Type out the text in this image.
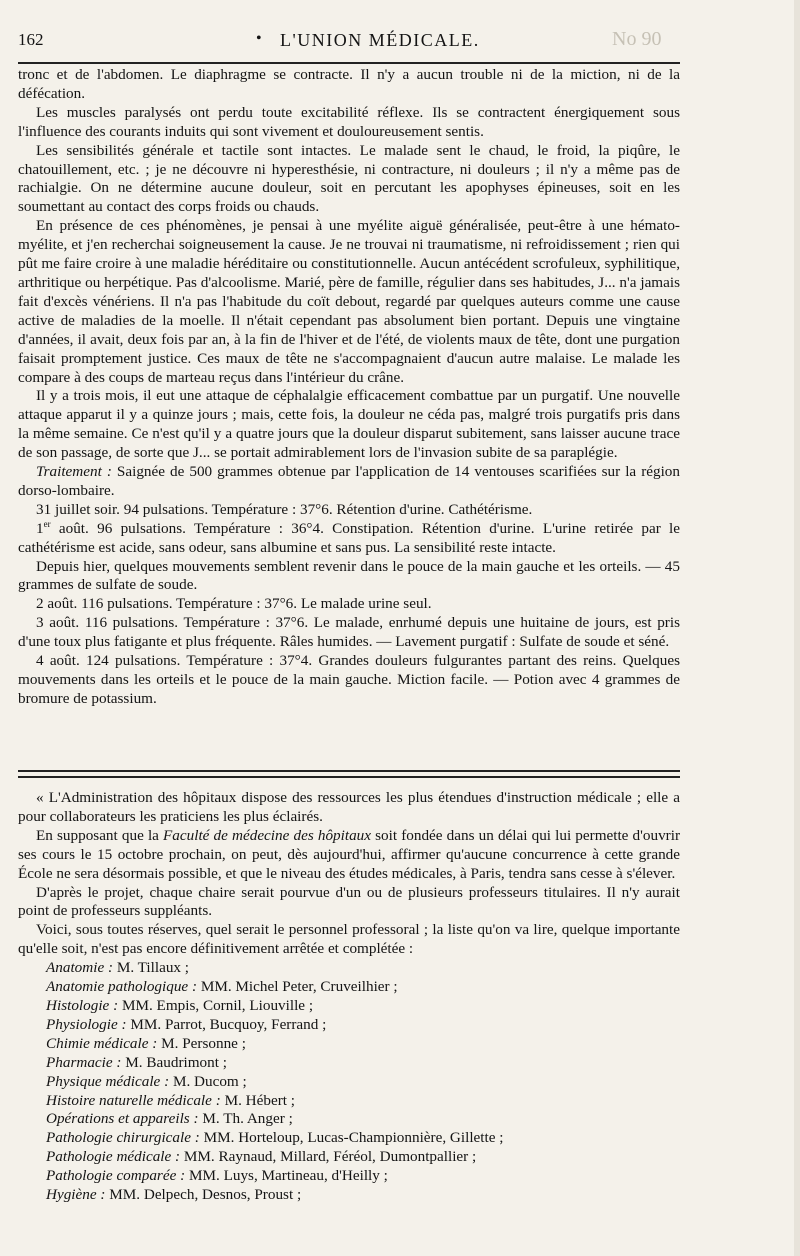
No 90
162	• L'UNION MÉDICALE.

tronc et de l'abdomen. Le diaphragme se contracte. Il n'y a aucun trouble ni de la miction, ni de la défécation.

Les muscles paralysés ont perdu toute excitabilité réflexe. Ils se contractent énergiquement sous l'influence des courants induits qui sont vivement et douloureusement sentis.

Les sensibilités générale et tactile sont intactes. Le malade sent le chaud, le froid, la piqûre, le chatouillement, etc. ; je ne découvre ni hyperesthésie, ni contracture, ni douleurs ; il n'y a même pas de rachialgie. On ne détermine aucune douleur, soit en percutant les apophyses épineuses, soit en les soumettant au contact des corps froids ou chauds.

En présence de ces phénomènes, je pensai à une myélite aiguë généralisée, peut-être à une hémato-myélite, et j'en recherchai soigneusement la cause. Je ne trouvai ni traumatisme, ni refroidissement ; rien qui pût me faire croire à une maladie héréditaire ou constitutionnelle. Aucun antécédent scrofuleux, syphilitique, arthritique ou herpétique. Pas d'alcoolisme. Marié, père de famille, régulier dans ses habitudes, J... n'a jamais fait d'excès vénériens. Il n'a pas l'habitude du coït debout, regardé par quelques auteurs comme une cause active de maladies de la moelle. Il n'était cependant pas absolument bien portant. Depuis une vingtaine d'années, il avait, deux fois par an, à la fin de l'hiver et de l'été, de violents maux de tête, dont une purgation faisait promptement justice. Ces maux de tête ne s'accompagnaient d'aucun autre malaise. Le malade les compare à des coups de marteau reçus dans l'intérieur du crâne.

Il y a trois mois, il eut une attaque de céphalalgie efficacement combattue par un purgatif. Une nouvelle attaque apparut il y a quinze jours ; mais, cette fois, la douleur ne céda pas, malgré trois purgatifs pris dans la même semaine. Ce n'est qu'il y a quatre jours que la douleur disparut subitement, sans laisser aucune trace de son passage, de sorte que J... se portait admirablement lors de l'invasion subite de sa paraplégie.

Traitement : Saignée de 500 grammes obtenue par l'application de 14 ventouses scarifiées sur la région dorso-lombaire.

31 juillet soir. 94 pulsations. Température : 37°6. Rétention d'urine. Cathétérisme.

1er août. 96 pulsations. Température : 36°4. Constipation. Rétention d'urine. L'urine retirée par le cathétérisme est acide, sans odeur, sans albumine et sans pus. La sensibilité reste intacte.

Depuis hier, quelques mouvements semblent revenir dans le pouce de la main gauche et les orteils. — 45 grammes de sulfate de soude.

2 août. 116 pulsations. Température : 37°6. Le malade urine seul.

3 août. 116 pulsations. Température : 37°6. Le malade, enrhumé depuis une huitaine de jours, est pris d'une toux plus fatigante et plus fréquente. Râles humides. — Lavement purgatif : Sulfate de soude et séné.

4 août. 124 pulsations. Température : 37°4. Grandes douleurs fulgurantes partant des reins. Quelques mouvements dans les orteils et le pouce de la main gauche. Miction facile. — Potion avec 4 grammes de bromure de potassium.

« L'Administration des hôpitaux dispose des ressources les plus étendues d'instruction médicale ; elle a pour collaborateurs les praticiens les plus éclairés.

En supposant que la Faculté de médecine des hôpitaux soit fondée dans un délai qui lui permette d'ouvrir ses cours le 15 octobre prochain, on peut, dès aujourd'hui, affirmer qu'aucune concurrence à cette grande École ne sera désormais possible, et que le niveau des études médicales, à Paris, tendra sans cesse à s'élever.

D'après le projet, chaque chaire serait pourvue d'un ou de plusieurs professeurs titulaires. Il n'y aurait point de professeurs suppléants.

Voici, sous toutes réserves, quel serait le personnel professoral ; la liste qu'on va lire, quelque importante qu'elle soit, n'est pas encore définitivement arrêtée et complétée :

Anatomie : M. Tillaux ;

Anatomie pathologique : MM. Michel Peter, Cruveilhier ;

Histologie : MM. Empis, Cornil, Liouville ;

Physiologie : MM. Parrot, Bucquoy, Ferrand ;

Chimie médicale : M. Personne ;

Pharmacie : M. Baudrimont ;

Physique médicale : M. Ducom ;

Histoire naturelle médicale : M. Hébert ;

Opérations et appareils : M. Th. Anger ;

Pathologie chirurgicale : MM. Horteloup, Lucas-Championnière, Gillette ;

Pathologie médicale : MM. Raynaud, Millard, Féréol, Dumontpallier ;

Pathologie comparée : MM. Luys, Martineau, d'Heilly ;

Hygiène : MM. Delpech, Desnos, Proust ;
